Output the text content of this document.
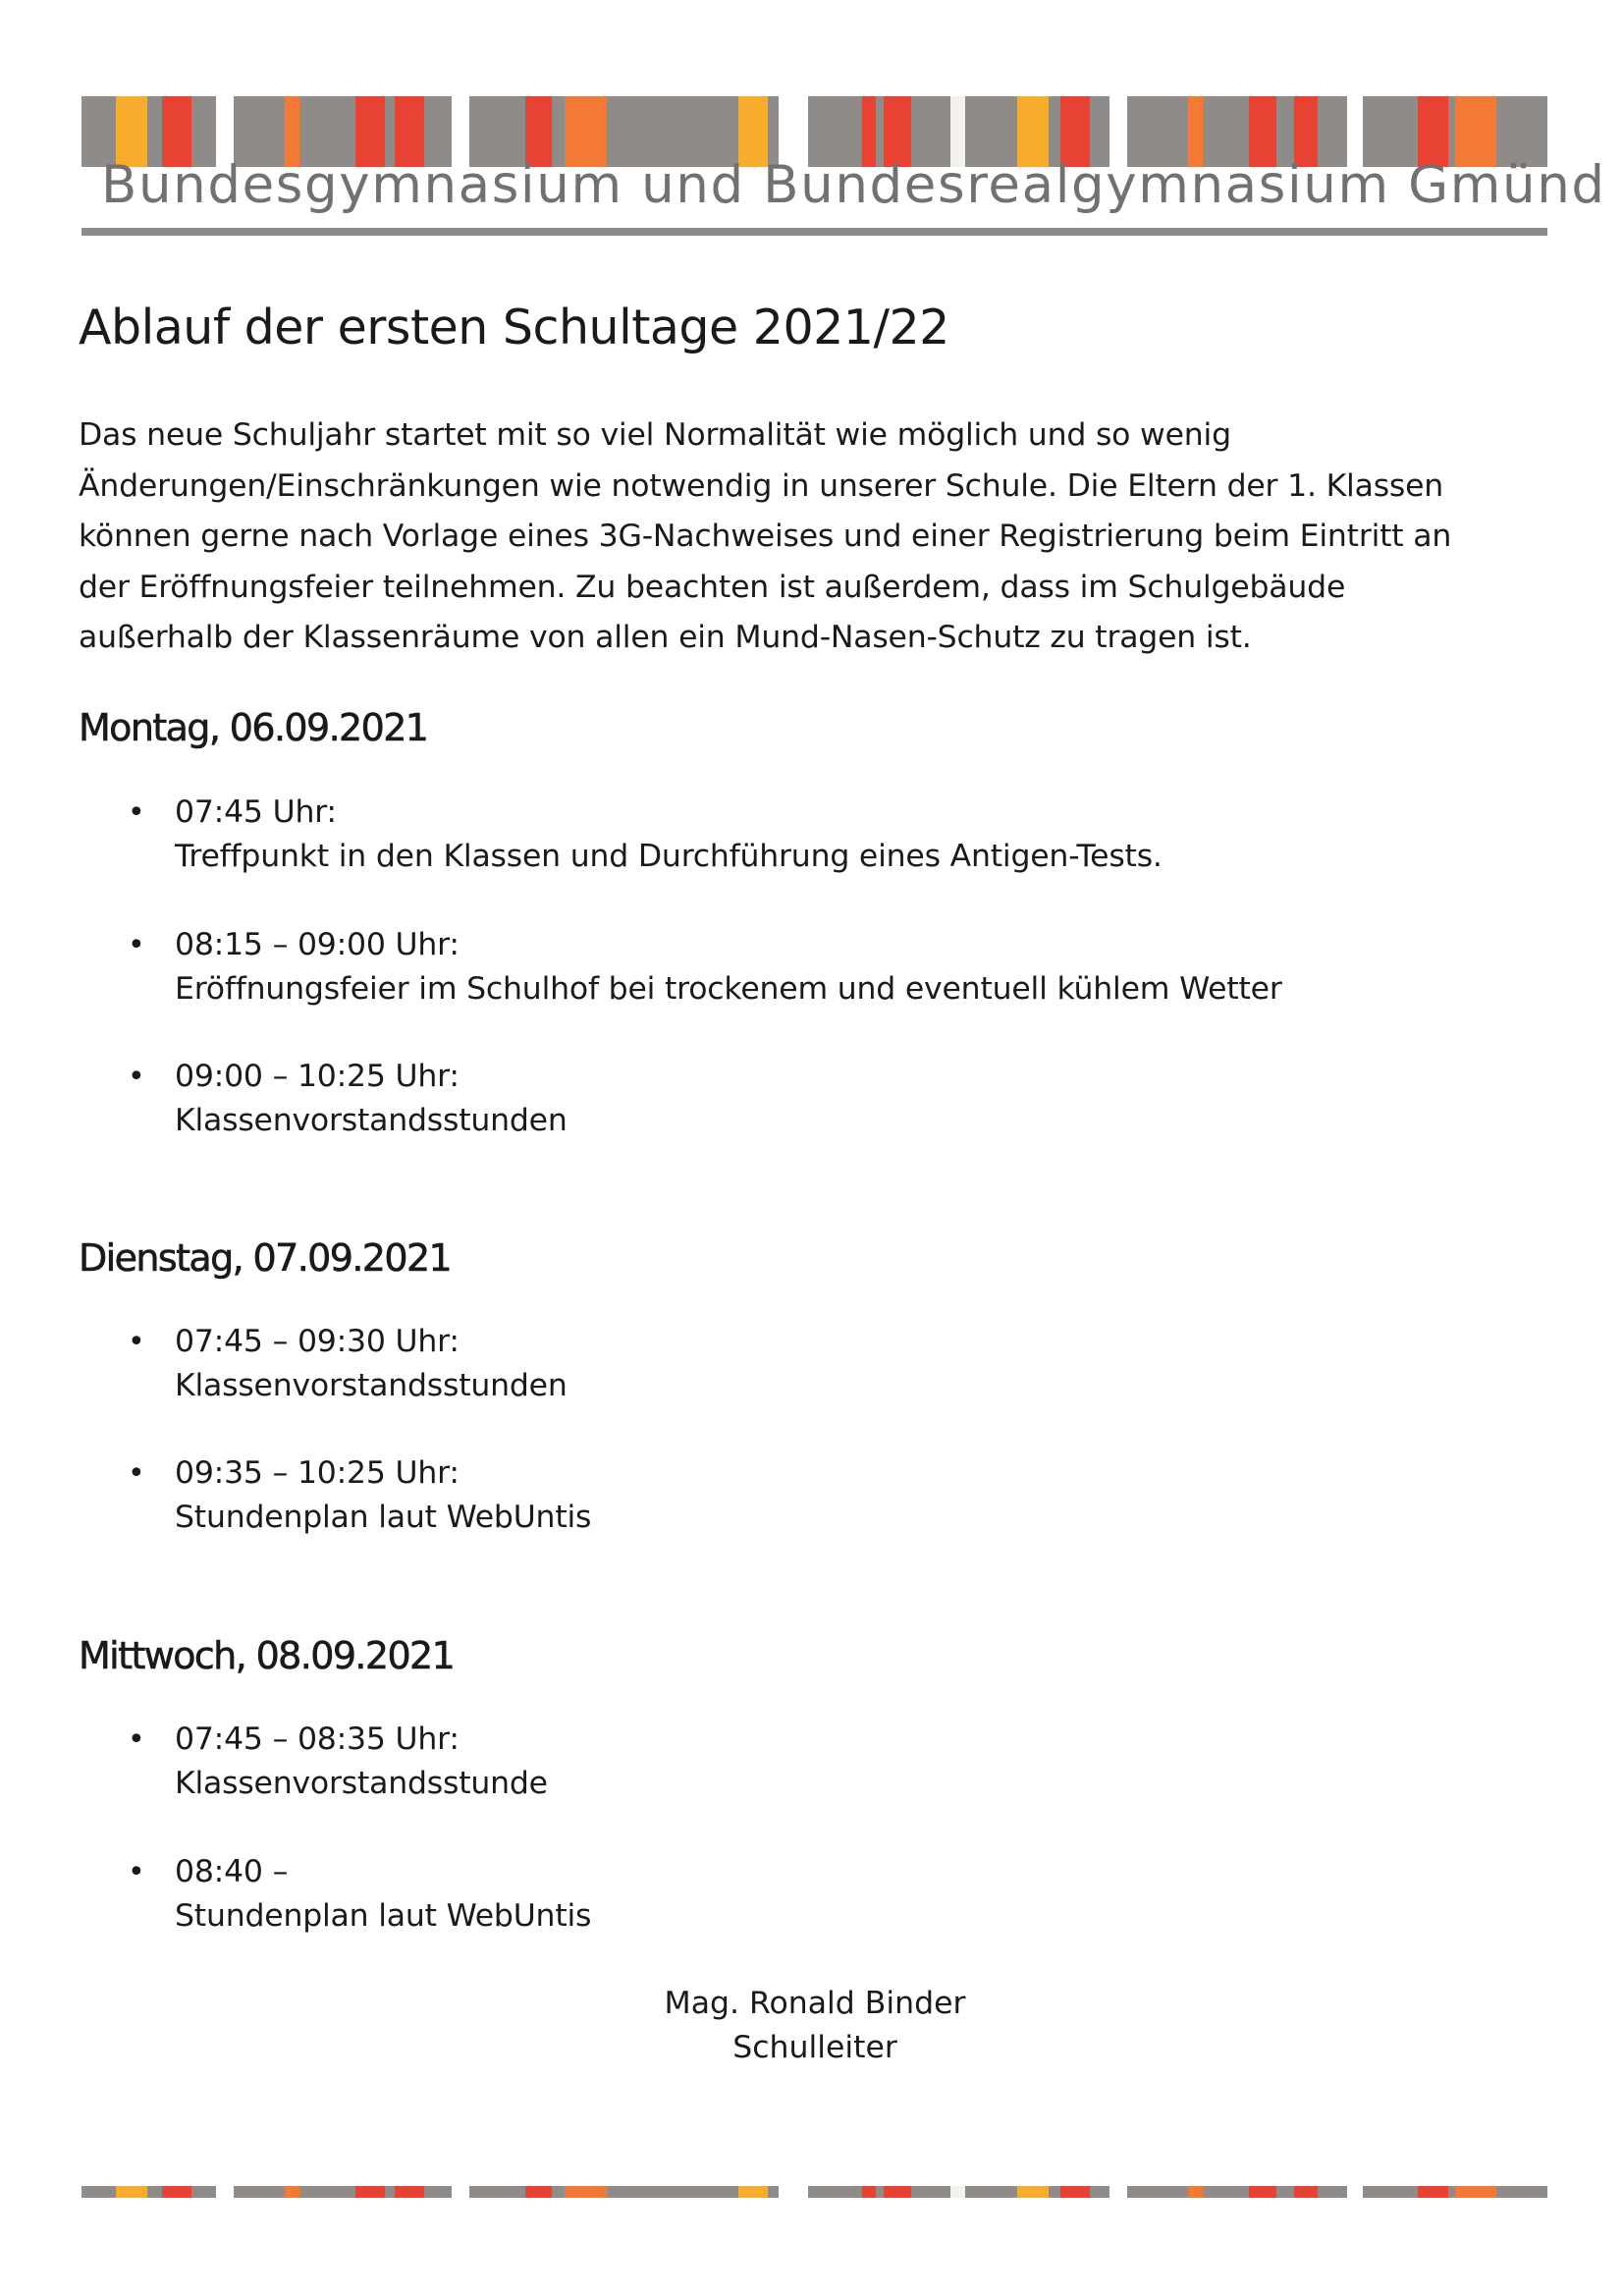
Bundesgymnasium und Bundesrealgymnasium Gmünd
Ablauf der ersten Schultage 2021/22

Das neue Schuljahr startet mit so viel Normalität wie möglich und so wenig
Änderungen/Einschränkungen wie notwendig in unserer Schule. Die Eltern der 1. Klassen
können gerne nach Vorlage eines 3G-Nachweises und einer Registrierung beim Eintritt an
der Eröffnungsfeier teilnehmen. Zu beachten ist außerdem, dass im Schulgebäude
außerhalb der Klassenräume von allen ein Mund-Nasen-Schutz zu tragen ist.

Montag, 06.09.2021
• 07:45 Uhr:
Treffpunkt in den Klassen und Durchführung eines Antigen-Tests.
• 08:15 – 09:00 Uhr:
Eröffnungsfeier im Schulhof bei trockenem und eventuell kühlem Wetter
• 09:00 – 10:25 Uhr:
Klassenvorstandsstunden
Dienstag, 07.09.2021
• 07:45 – 09:30 Uhr:
Klassenvorstandsstunden
• 09:35 – 10:25 Uhr:
Stundenplan laut WebUntis
Mittwoch, 08.09.2021
• 07:45 – 08:35 Uhr:
Klassenvorstandsstunde
• 08:40 –
Stundenplan laut WebUntis
Mag. Ronald Binder
Schulleiter
